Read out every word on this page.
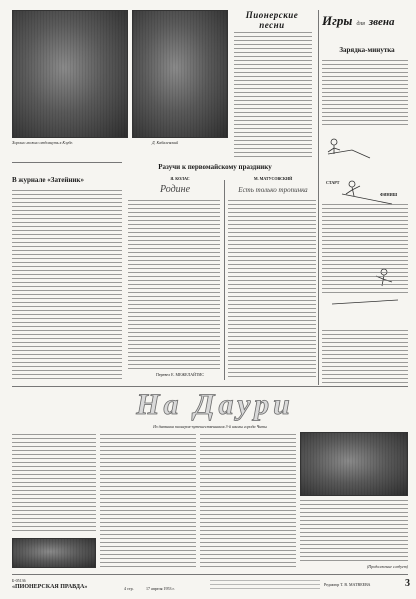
Хорошо можно отдохнуть в Клубе.	Д. Кабалевский
Пионерские песни
Разучи к первомайскому празднику
Я. КОЛАС	М. МАТУСОВСКИЙ
Родине	Есть только тропинка
Перевел Е. МЕЖЕЛАЙТИС
В журнале «Затейник»
Игры для звена
Зарядка-минутка
СТАРТ
ФИНИШ
На Даури
Из дневника пионеров-путешественников 3-й школы города Читы
(Продолжение следует)
Б-05136
«ПИОНЕРСКАЯ ПРАВДА»	4 стр.	17 апреля 1953 г.
Редактор Т. В. МАТВЕЕВА	3
